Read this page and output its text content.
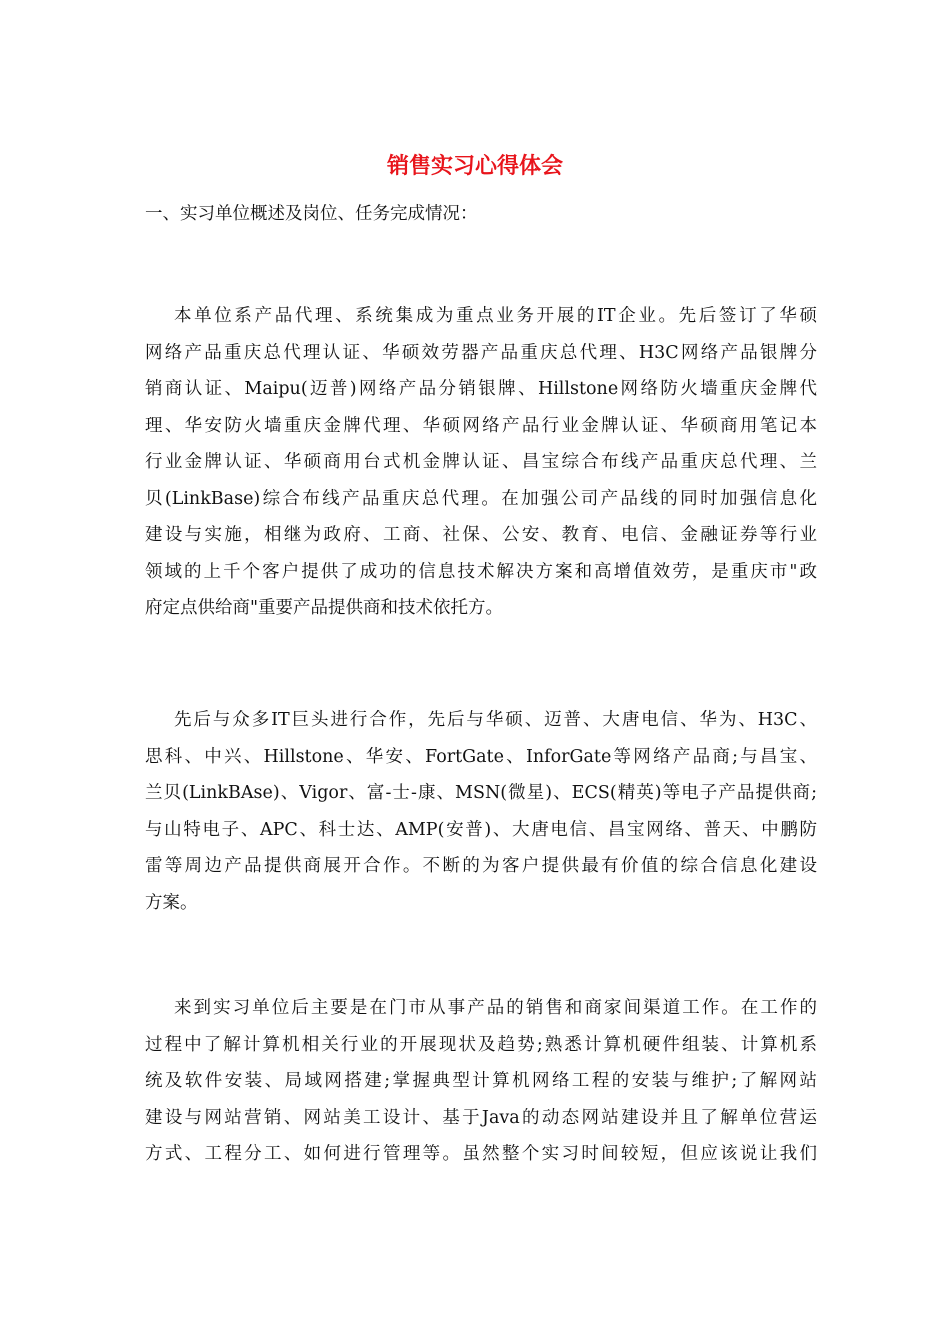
销售实习心得体会

一、实习单位概述及岗位、任务完成情况：

本单位系产品代理、系统集成为重点业务开展的IT企业。先后签订了华硕
网络产品重庆总代理认证、华硕效劳器产品重庆总代理、H3C网络产品银牌分
销商认证、Maipu(迈普)网络产品分销银牌、Hillstone网络防火墙重庆金牌代
理、华安防火墙重庆金牌代理、华硕网络产品行业金牌认证、华硕商用笔记本
行业金牌认证、华硕商用台式机金牌认证、昌宝综合布线产品重庆总代理、兰
贝(LinkBase)综合布线产品重庆总代理。在加强公司产品线的同时加强信息化
建设与实施，相继为政府、工商、社保、公安、教育、电信、金融证券等行业
领域的上千个客户提供了成功的信息技术解决方案和高增值效劳，是重庆市"政
府定点供给商"重要产品提供商和技术依托方。
先后与众多IT巨头进行合作，先后与华硕、迈普、大唐电信、华为、H3C、
思科、中兴、Hillstone、华安、FortGate、InforGate等网络产品商;与昌宝、
兰贝(LinkBAse)、Vigor、富-士-康、MSN(微星)、ECS(精英)等电子产品提供商;
与山特电子、APC、科士达、AMP(安普)、大唐电信、昌宝网络、普天、中鹏防
雷等周边产品提供商展开合作。不断的为客户提供最有价值的综合信息化建设
方案。
来到实习单位后主要是在门市从事产品的销售和商家间渠道工作。在工作的
过程中了解计算机相关行业的开展现状及趋势;熟悉计算机硬件组装、计算机系
统及软件安装、局域网搭建;掌握典型计算机网络工程的安装与维护;了解网站
建设与网站营销、网站美工设计、基于Java的动态网站建设并且了解单位营运
方式、工程分工、如何进行管理等。虽然整个实习时间较短，但应该说让我们
